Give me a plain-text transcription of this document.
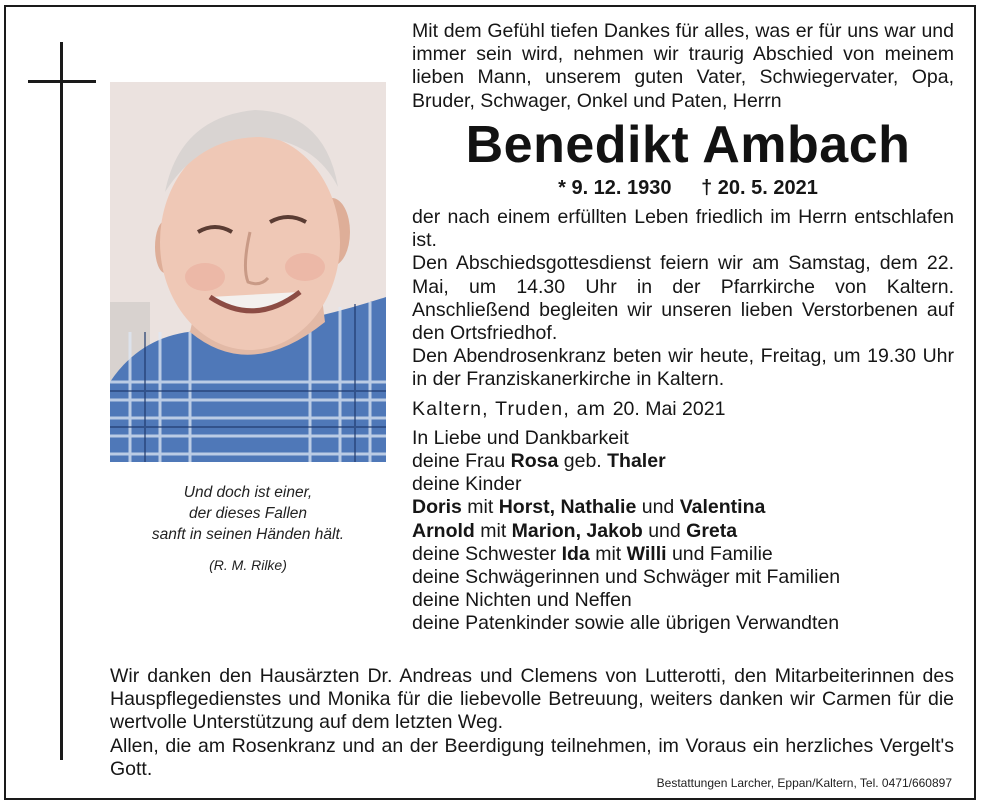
Und doch ist einer,
der dieses Fallen
sanft in seinen Händen hält.
(R. M. Rilke)

Mit dem Gefühl tiefen Dankes für alles, was er für uns war und immer sein wird, nehmen wir traurig Abschied von meinem lieben Mann, unserem guten Vater, Schwiegervater, Opa, Bruder, Schwager, Onkel und Paten, Herrn

Benedikt Ambach
* 9. 12. 1930 † 20. 5. 2021

der nach einem erfüllten Leben friedlich im Herrn entschlafen ist.

Den Abschiedsgottesdienst feiern wir am Samstag, dem 22. Mai, um 14.30 Uhr in der Pfarrkirche von Kaltern. Anschließend begleiten wir unseren lieben Verstorbenen auf den Ortsfriedhof.

Den Abendrosenkranz beten wir heute, Freitag, um 19.30 Uhr in der Franziskanerkirche in Kaltern.

Kaltern, Truden, am 20. Mai 2021
In Liebe und Dankbarkeit
deine Frau Rosa geb. Thaler
deine Kinder
Doris mit Horst, Nathalie und Valentina
Arnold mit Marion, Jakob und Greta
deine Schwester Ida mit Willi und Familie
deine Schwägerinnen und Schwäger mit Familien
deine Nichten und Neffen
deine Patenkinder sowie alle übrigen Verwandten

Wir danken den Hausärzten Dr. Andreas und Clemens von Lutterotti, den Mitarbeiterinnen des Hauspflegedienstes und Monika für die liebevolle Betreuung, weiters danken wir Carmen für die wertvolle Unterstützung auf dem letzten Weg.

Allen, die am Rosenkranz und an der Beerdigung teilnehmen, im Voraus ein herzliches Vergelt's Gott.

Bestattungen Larcher, Eppan/Kaltern, Tel. 0471/660897
